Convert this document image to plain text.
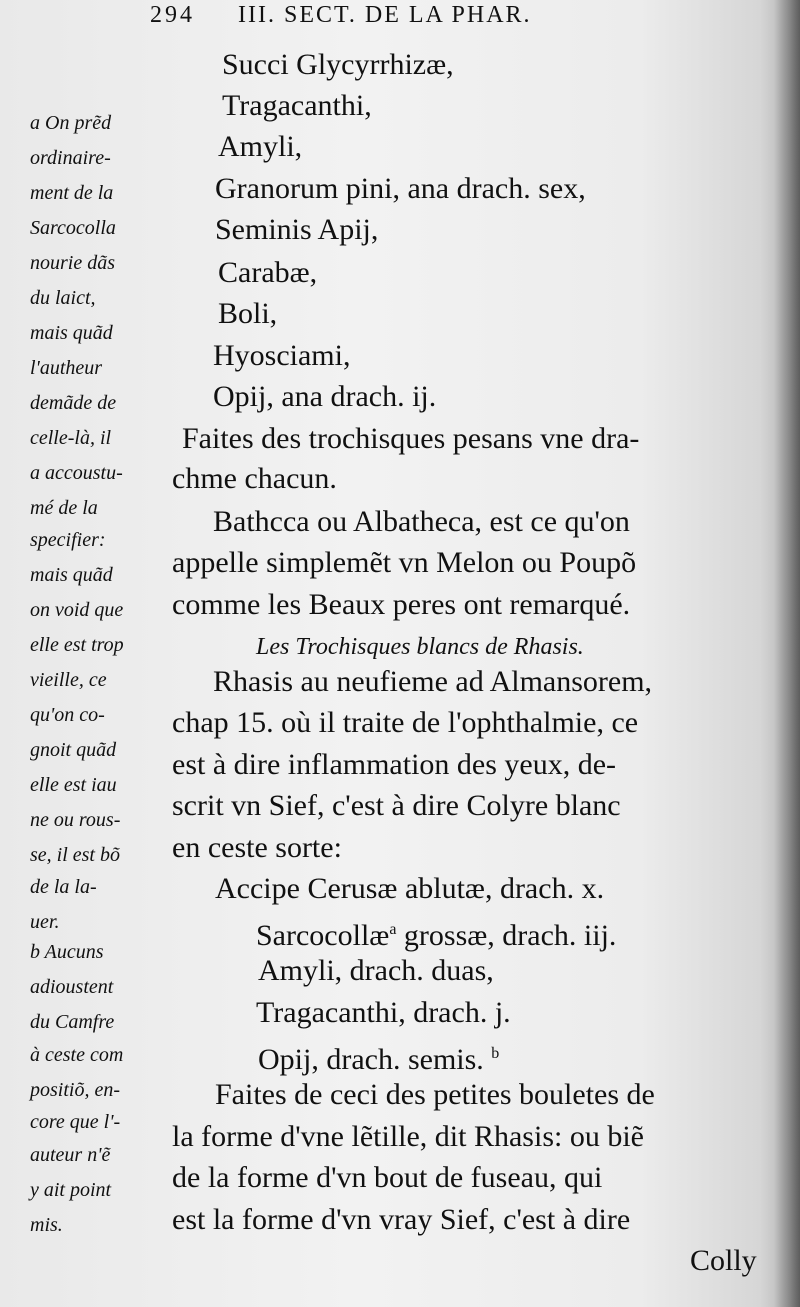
294 III. SECT. DE LA PHAR.
a On prẽd
ordinaire-
ment de la
Sarcocolla
nourie dãs
du laict,
mais quãd
l'autheur
demãde de
celle-là, il
a accoustu-
mé de la
specifier:
mais quãd
on void que
elle est trop
vieille, ce
qu'on co-
gnoit quãd
elle est iau
ne ou rous-
se, il est bõ
de la la-
uer.
b Aucuns
adioustent
du Camfre
à ceste com
positiõ, en-
core que l'-
auteur n'ẽ
y ait point
mis.
Succi Glycyrrhizæ,
Tragacanthi,
Amyli,
Granorum pini, ana drach. sex,
Seminis Apij,
Carabæ,
Boli,
Hyosciami,
Opij, ana drach. ij.
Faites des trochisques pesans vne dra-
chme chacun.
Bathcca ou Albatheca, est ce qu'on
appelle simplemẽt vn Melon ou Poupõ
comme les Beaux peres ont remarqué.
Les Trochisques blancs de Rhasis.
Rhasis au neufieme ad Almansorem,
chap 15. où il traite de l'ophthalmie, ce
est à dire inflammation des yeux, de-
scrit vn Sief, c'est à dire Colyre blanc
en ceste sorte:
Accipe Cerusæ ablutæ, drach. x.
Sarcocollæ$^a$ grossæ, drach. iij.
Amyli, drach. duas,
Tragacanthi, drach. j.
Opij, drach. semis. $^b$
Faites de ceci des petites bouletes de
la forme d'vne lẽtille, dit Rhasis: ou biẽ
de la forme d'vn bout de fuseau, qui
est la forme d'vn vray Sief, c'est à dire
Colly
